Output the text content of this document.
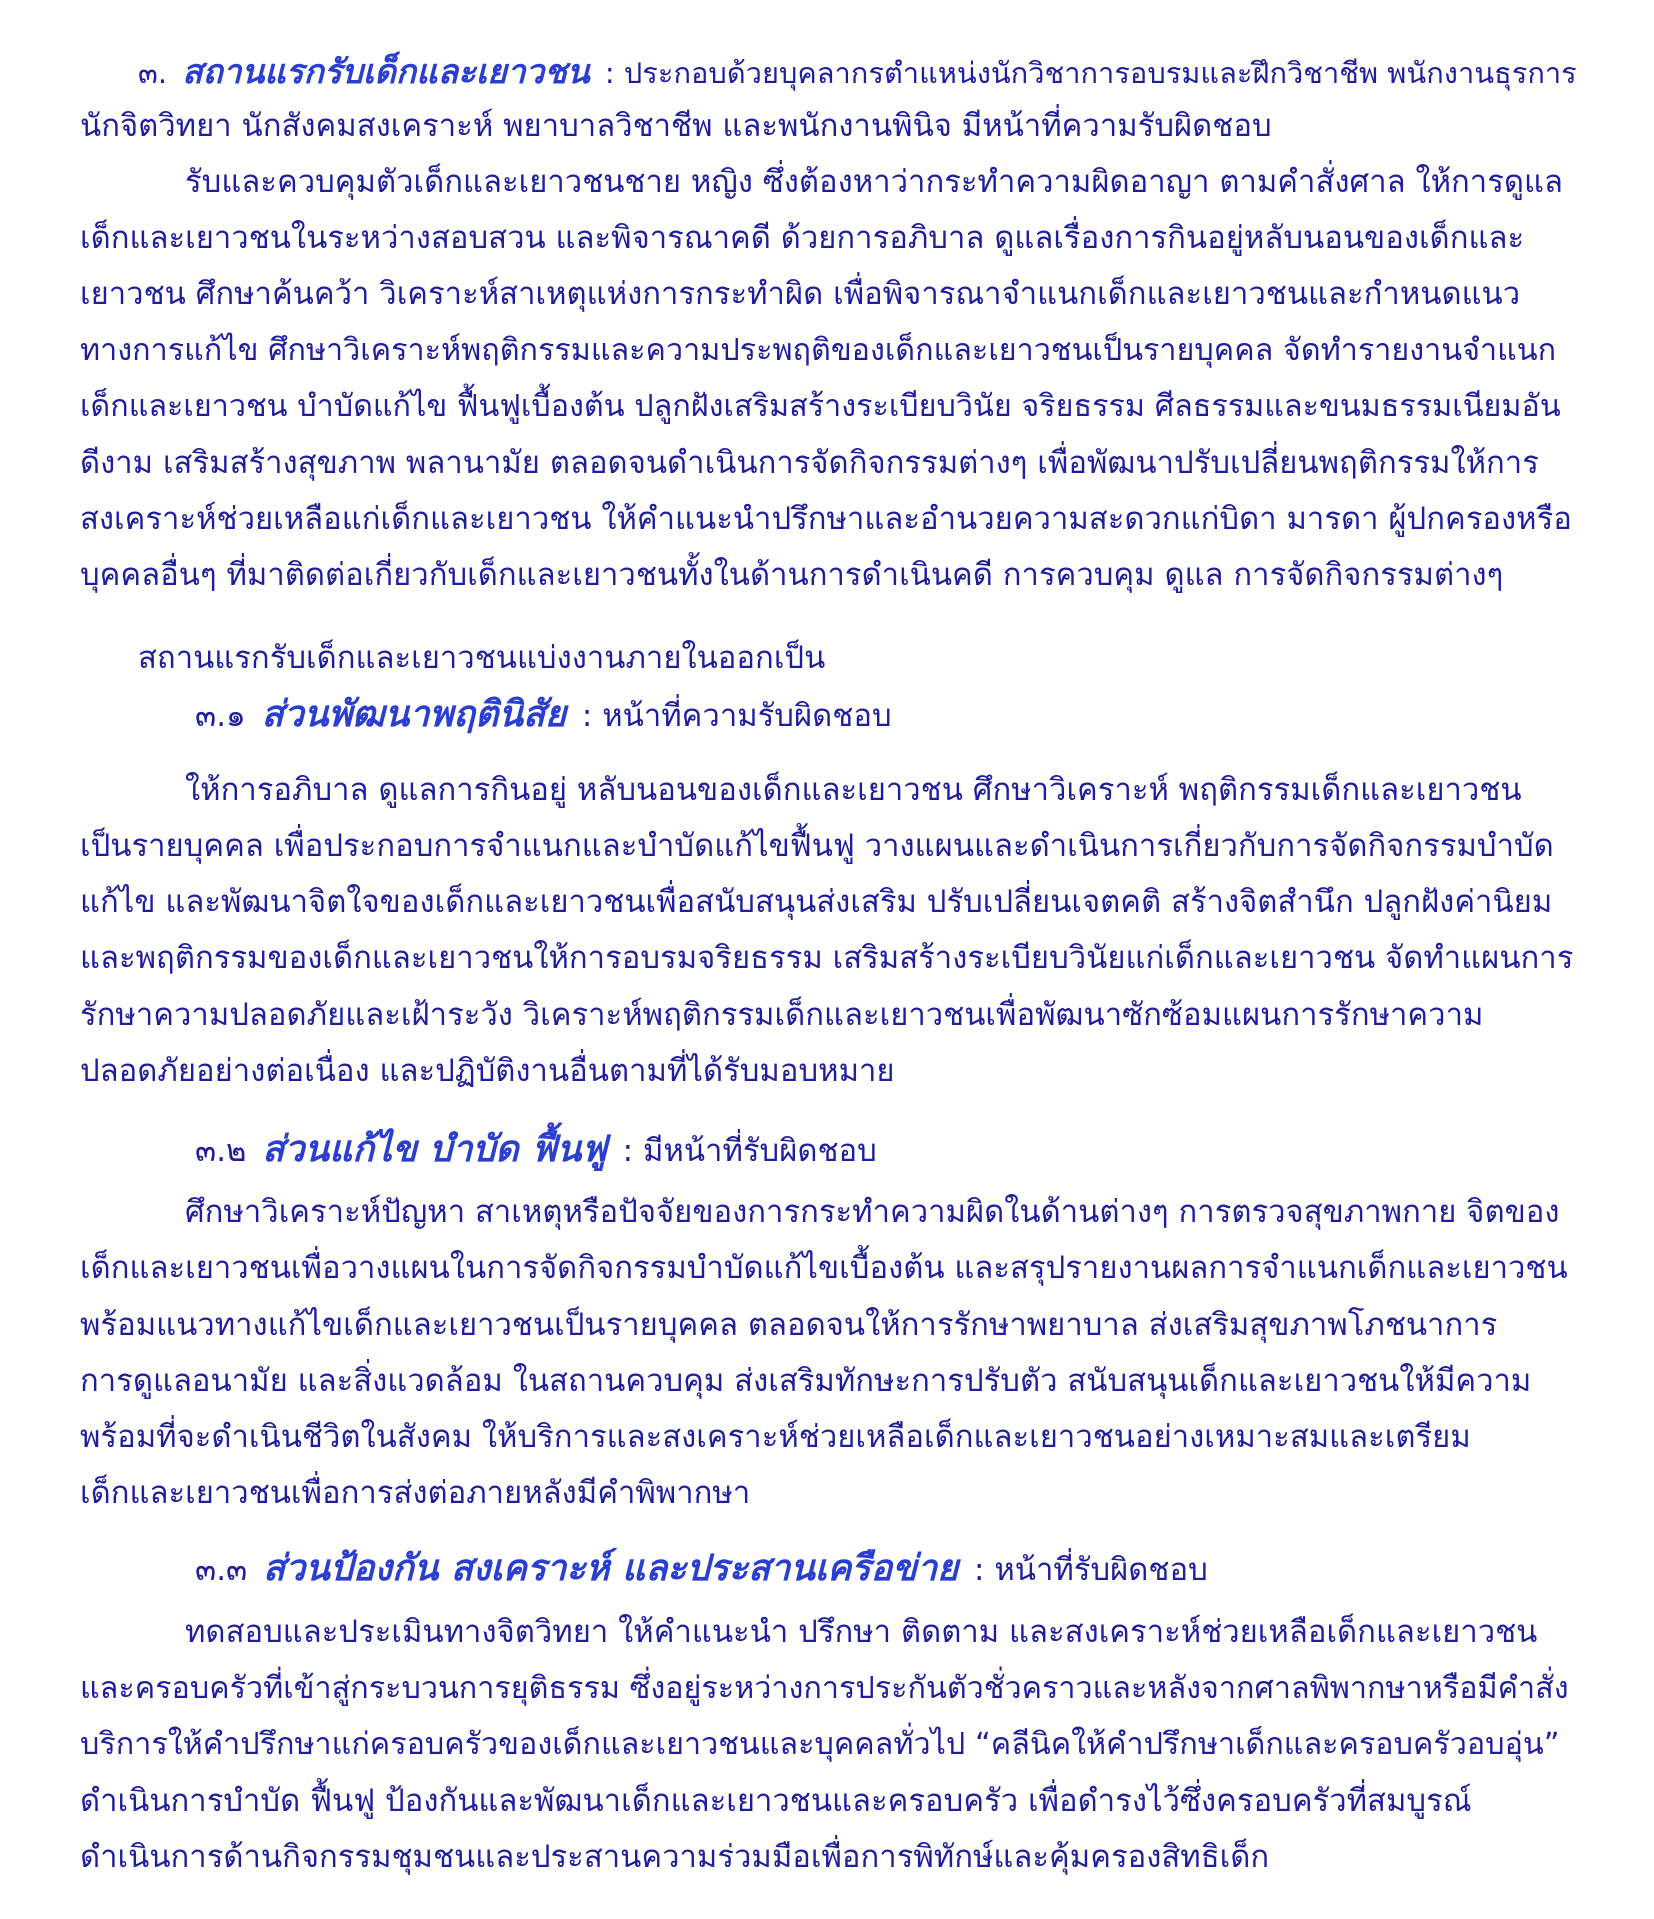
๓. สถานแรกรับเด็กและเยาวชน : ประกอบด้วยบุคลากรตำแหน่งนักวิชาการอบรมและฝึกวิชาชีพ พนักงานธุรการ
นักจิตวิทยา นักสังคมสงเคราะห์ พยาบาลวิชาชีพ และพนักงานพินิจ มีหน้าที่ความรับผิดชอบ
รับและควบคุมตัวเด็กและเยาวชนชาย หญิง ซึ่งต้องหาว่ากระทำความผิดอาญา ตามคำสั่งศาล ให้การดูแล
เด็กและเยาวชนในระหว่างสอบสวน และพิจารณาคดี ด้วยการอภิบาล ดูแลเรื่องการกินอยู่หลับนอนของเด็กและ
เยาวชน ศึกษาค้นคว้า วิเคราะห์สาเหตุแห่งการกระทำผิด เพื่อพิจารณาจำแนกเด็กและเยาวชนและกำหนดแนว
ทางการแก้ไข ศึกษาวิเคราะห์พฤติกรรมและความประพฤติของเด็กและเยาวชนเป็นรายบุคคล จัดทำรายงานจำแนก
เด็กและเยาวชน บำบัดแก้ไข ฟื้นฟูเบื้องต้น ปลูกฝังเสริมสร้างระเบียบวินัย จริยธรรม ศีลธรรมและขนมธรรมเนียมอัน
ดีงาม เสริมสร้างสุขภาพ พลานามัย ตลอดจนดำเนินการจัดกิจกรรมต่างๆ เพื่อพัฒนาปรับเปลี่ยนพฤติกรรมให้การ
สงเคราะห์ช่วยเหลือแก่เด็กและเยาวชน ให้คำแนะนำปรึกษาและอำนวยความสะดวกแก่บิดา มารดา ผู้ปกครองหรือ
บุคคลอื่นๆ ที่มาติดต่อเกี่ยวกับเด็กและเยาวชนทั้งในด้านการดำเนินคดี การควบคุม ดูแล การจัดกิจกรรมต่างๆ
สถานแรกรับเด็กและเยาวชนแบ่งงานภายในออกเป็น
๓.๑ ส่วนพัฒนาพฤตินิสัย : หน้าที่ความรับผิดชอบ
ให้การอภิบาล ดูแลการกินอยู่ หลับนอนของเด็กและเยาวชน ศึกษาวิเคราะห์ พฤติกรรมเด็กและเยาวชน
เป็นรายบุคคล เพื่อประกอบการจำแนกและบำบัดแก้ไขฟื้นฟู วางแผนและดำเนินการเกี่ยวกับการจัดกิจกรรมบำบัด
แก้ไข และพัฒนาจิตใจของเด็กและเยาวชนเพื่อสนับสนุนส่งเสริม ปรับเปลี่ยนเจตคติ สร้างจิตสำนึก ปลูกฝังค่านิยม
และพฤติกรรมของเด็กและเยาวชนให้การอบรมจริยธรรม เสริมสร้างระเบียบวินัยแก่เด็กและเยาวชน จัดทำแผนการ
รักษาความปลอดภัยและเฝ้าระวัง วิเคราะห์พฤติกรรมเด็กและเยาวชนเพื่อพัฒนาซักซ้อมแผนการรักษาความ
ปลอดภัยอย่างต่อเนื่อง และปฏิบัติงานอื่นตามที่ได้รับมอบหมาย
๓.๒ ส่วนแก้ไข บำบัด ฟื้นฟู : มีหน้าที่รับผิดชอบ
ศึกษาวิเคราะห์ปัญหา สาเหตุหรือปัจจัยของการกระทำความผิดในด้านต่างๆ การตรวจสุขภาพกาย จิตของ
เด็กและเยาวชนเพื่อวางแผนในการจัดกิจกรรมบำบัดแก้ไขเบื้องต้น และสรุปรายงานผลการจำแนกเด็กและเยาวชน
พร้อมแนวทางแก้ไขเด็กและเยาวชนเป็นรายบุคคล ตลอดจนให้การรักษาพยาบาล ส่งเสริมสุขภาพโภชนาการ
การดูแลอนามัย และสิ่งแวดล้อม ในสถานควบคุม ส่งเสริมทักษะการปรับตัว สนับสนุนเด็กและเยาวชนให้มีความ
พร้อมที่จะดำเนินชีวิตในสังคม ให้บริการและสงเคราะห์ช่วยเหลือเด็กและเยาวชนอย่างเหมาะสมและเตรียม
เด็กและเยาวชนเพื่อการส่งต่อภายหลังมีคำพิพากษา
๓.๓ ส่วนป้องกัน สงเคราะห์ และประสานเครือข่าย : หน้าที่รับผิดชอบ
ทดสอบและประเมินทางจิตวิทยา ให้คำแนะนำ ปรึกษา ติดตาม และสงเคราะห์ช่วยเหลือเด็กและเยาวชน
และครอบครัวที่เข้าสู่กระบวนการยุติธรรม ซึ่งอยู่ระหว่างการประกันตัวชั่วคราวและหลังจากศาลพิพากษาหรือมีคำสั่ง
บริการให้คำปรึกษาแก่ครอบครัวของเด็กและเยาวชนและบุคคลทั่วไป “คลีนิคให้คำปรึกษาเด็กและครอบครัวอบอุ่น”
ดำเนินการบำบัด ฟื้นฟู ป้องกันและพัฒนาเด็กและเยาวชนและครอบครัว เพื่อดำรงไว้ซึ่งครอบครัวที่สมบูรณ์
ดำเนินการด้านกิจกรรมชุมชนและประสานความร่วมมือเพื่อการพิทักษ์และคุ้มครองสิทธิเด็ก
